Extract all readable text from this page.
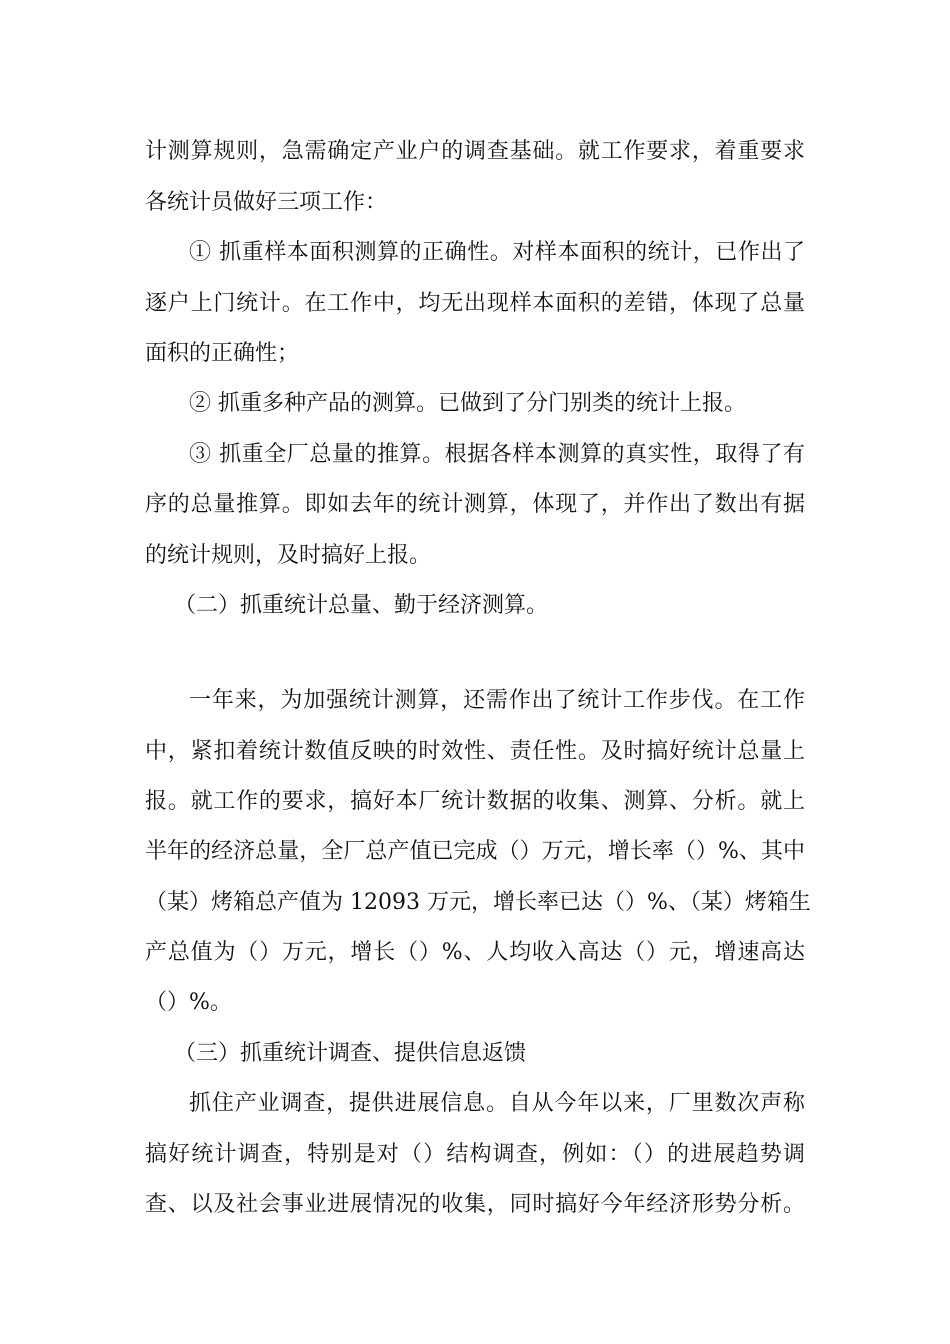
计测算规则，急需确定产业户的调查基础。就工作要求，着重要求
各统计员做好三项工作：
① 抓重样本面积测算的正确性。对样本面积的统计，已作出了
逐户上门统计。在工作中，均无出现样本面积的差错，体现了总量
面积的正确性；
② 抓重多种产品的测算。已做到了分门别类的统计上报。
③ 抓重全厂总量的推算。根据各样本测算的真实性，取得了有
序的总量推算。即如去年的统计测算，体现了，并作出了数出有据
的统计规则，及时搞好上报。
（二）抓重统计总量、勤于经济测算。
一年来，为加强统计测算，还需作出了统计工作步伐。在工作
中，紧扣着统计数值反映的时效性、责任性。及时搞好统计总量上
报。就工作的要求，搞好本厂统计数据的收集、测算、分析。就上
半年的经济总量，全厂总产值已完成（）万元，增长率（）%、其中
（某）烤箱总产值为 12093 万元，增长率已达（）%、（某）烤箱生
产总值为（）万元，增长（）%、人均收入高达（）元，增速高达
（）%。
（三）抓重统计调查、提供信息返馈
抓住产业调查，提供进展信息。自从今年以来，厂里数次声称
搞好统计调查，特别是对（）结构调查，例如：（）的进展趋势调
查、以及社会事业进展情况的收集，同时搞好今年经济形势分析。
